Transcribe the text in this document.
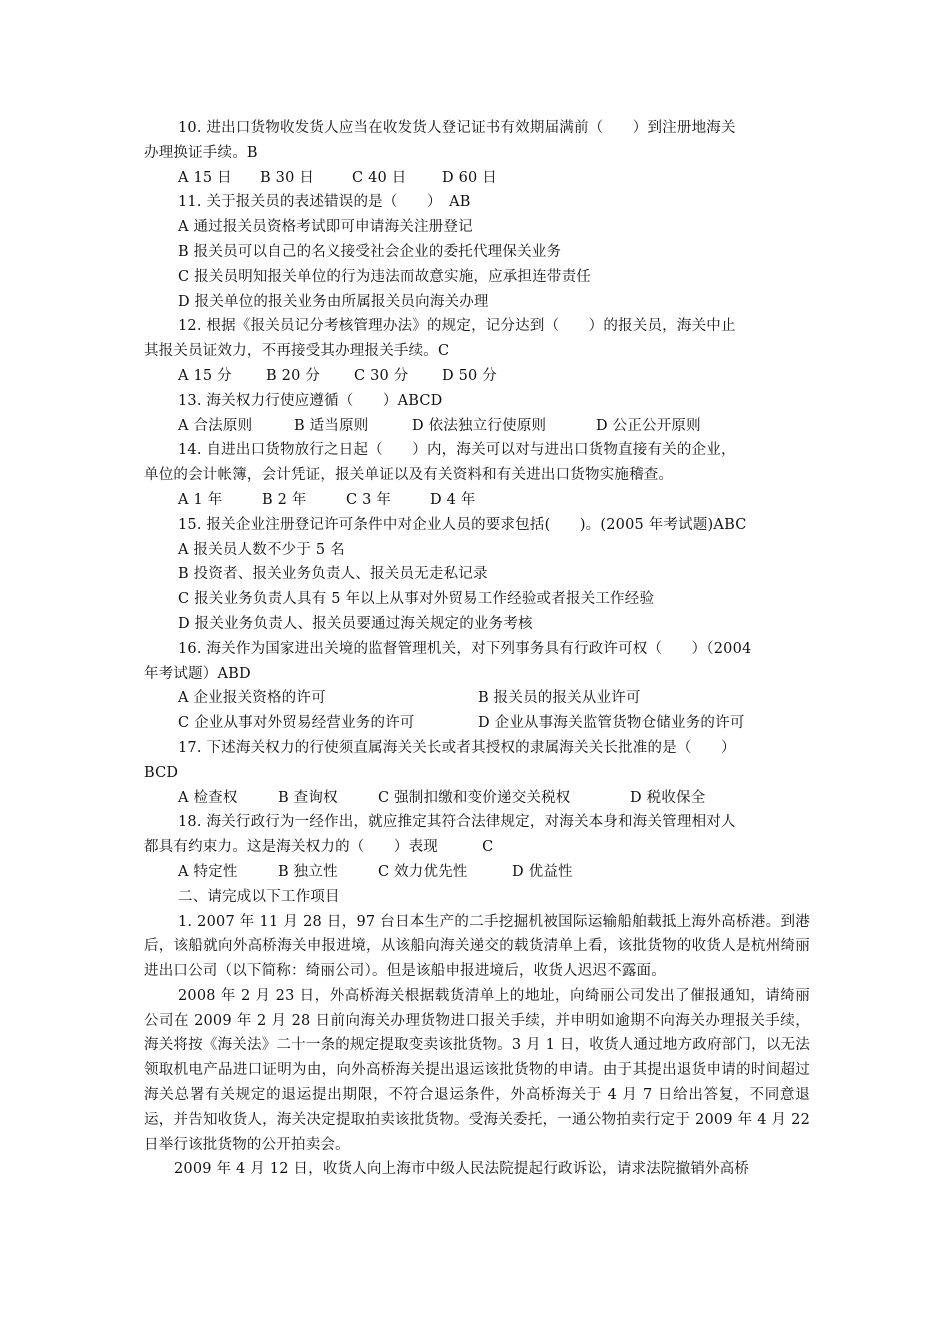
10. 进出口货物收发货人应当在收发货人登记证书有效期届满前（　　）到注册地海关

办理换证手续。B

A 15 日 B 30 日	C 40 日 D 60 日

11. 关于报关员的表述错误的是（　　）　AB

A 通过报关员资格考试即可申请海关注册登记

B 报关员可以自己的名义接受社会企业的委托代理保关业务

C 报关员明知报关单位的行为违法而故意实施，应承担连带责任

D 报关单位的报关业务由所属报关员向海关办理

12. 根据《报关员记分考核管理办法》的规定，记分达到（　　）的报关员，海关中止

其报关员证效力，不再接受其办理报关手续。C

A 15 分 B 20 分 C 30 分 D 50 分

13. 海关权力行使应遵循（　　）ABCD

A 合法原则	B 适当原则	D 依法独立行使原则	D 公正公开原则

14. 自进出口货物放行之日起（　　）内，海关可以对与进出口货物直接有关的企业，

单位的会计帐簿，会计凭证，报关单证以及有关资料和有关进出口货物实施稽查。

A 1 年	B 2 年	C 3 年	D 4 年

15. 报关企业注册登记许可条件中对企业人员的要求包括(　　)。(2005 年考试题)ABC

A 报关员人数不少于 5 名

B 投资者、报关业务负责人、报关员无走私记录

C 报关业务负责人具有 5 年以上从事对外贸易工作经验或者报关工作经验

D 报关业务负责人、报关员要通过海关规定的业务考核

16. 海关作为国家进出关境的监督管理机关，对下列事务具有行政许可权（　　）（2004

年考试题）ABD

A 企业报关资格的许可	B 报关员的报关从业许可
C 企业从事对外贸易经营业务的许可	D 企业从事海关监管货物仓储业务的许可

17. 下述海关权力的行使须直属海关关长或者其授权的隶属海关关长批准的是（　　）

BCD

A 检查权	B 查询权	C 强制扣缴和变价递交关税权	D 税收保全

18. 海关行政行为一经作出，就应推定其符合法律规定，对海关本身和海关管理相对人

都具有约束力。这是海关权力的（　　）表现　　　C

A 特定性	B 独立性	C 效力优先性	D 优益性

二、请完成以下工作项目

1. 2007 年 11 月 28 日，97 台日本生产的二手挖掘机被国际运输船舶载抵上海外高桥港。到港后，该船就向外高桥海关申报进境，从该船向海关递交的载货清单上看，该批货物的收货人是杭州绮丽进出口公司（以下简称：绮丽公司）。但是该船申报进境后，收货人迟迟不露面。

2008 年 2 月 23 日，外高桥海关根据载货清单上的地址，向绮丽公司发出了催报通知，请绮丽公司在 2009 年 2 月 28 日前向海关办理货物进口报关手续，并申明如逾期不向海关办理报关手续，海关将按《海关法》二十一条的规定提取变卖该批货物。3 月 1 日，收货人通过地方政府部门，以无法领取机电产品进口证明为由，向外高桥海关提出退运该批货物的申请。由于其提出退货申请的时间超过海关总署有关规定的退运提出期限，不符合退运条件，外高桥海关于 4 月 7 日给出答复，不同意退运，并告知收货人，海关决定提取拍卖该批货物。受海关委托，一通公物拍卖行定于 2009 年 4 月 22 日举行该批货物的公开拍卖会。

2009 年 4 月 12 日，收货人向上海市中级人民法院提起行政诉讼，请求法院撤销外高桥
